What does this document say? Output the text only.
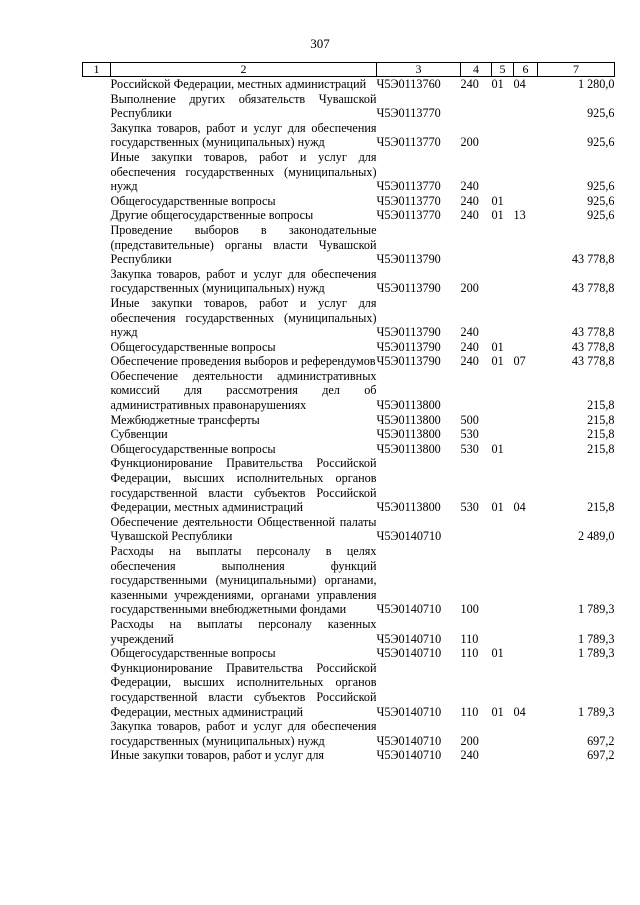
307
1	2	3	4	5	6	7
	Российской Федерации, местных администраций	Ч5Э0113760	240	01	04	1 280,0
	Выполнение других обязательств Чувашской Республики	Ч5Э0113770				925,6
	Закупка товаров, работ и услуг для обеспечения государственных (муниципальных) нужд	Ч5Э0113770	200			925,6
	Иные закупки товаров, работ и услуг для обеспечения государственных (муниципальных) нужд	Ч5Э0113770	240			925,6
	Общегосударственные вопросы	Ч5Э0113770	240	01		925,6
	Другие общегосударственные вопросы	Ч5Э0113770	240	01	13	925,6
	Проведение выборов в законодательные (представительные) органы власти Чувашской Республики	Ч5Э0113790				43 778,8
	Закупка товаров, работ и услуг для обеспечения государственных (муниципальных) нужд	Ч5Э0113790	200			43 778,8
	Иные закупки товаров, работ и услуг для обеспечения государственных (муниципальных) нужд	Ч5Э0113790	240			43 778,8
	Общегосударственные вопросы	Ч5Э0113790	240	01		43 778,8
	Обеспечение проведения выборов и референдумов	Ч5Э0113790	240	01	07	43 778,8
	Обеспечение деятельности административных комиссий для рассмотрения дел об административных правонарушениях	Ч5Э0113800				215,8
	Межбюджетные трансферты	Ч5Э0113800	500			215,8
	Субвенции	Ч5Э0113800	530			215,8
	Общегосударственные вопросы	Ч5Э0113800	530	01		215,8
	Функционирование Правительства Российской Федерации, высших исполнительных органов государственной власти субъектов Российской Федерации, местных администраций	Ч5Э0113800	530	01	04	215,8
	Обеспечение деятельности Общественной палаты Чувашской Республики	Ч5Э0140710				2 489,0
	Расходы на выплаты персоналу в целях обеспечения выполнения функций государственными (муниципальными) органами, казенными учреждениями, органами управления государственными внебюджетными фондами	Ч5Э0140710	100			1 789,3
	Расходы на выплаты персоналу казенных учреждений	Ч5Э0140710	110			1 789,3
	Общегосударственные вопросы	Ч5Э0140710	110	01		1 789,3
	Функционирование Правительства Российской Федерации, высших исполнительных органов государственной власти субъектов Российской Федерации, местных администраций	Ч5Э0140710	110	01	04	1 789,3
	Закупка товаров, работ и услуг для обеспечения государственных (муниципальных) нужд	Ч5Э0140710	200			697,2
	Иные закупки товаров, работ и услуг для	Ч5Э0140710	240			697,2
